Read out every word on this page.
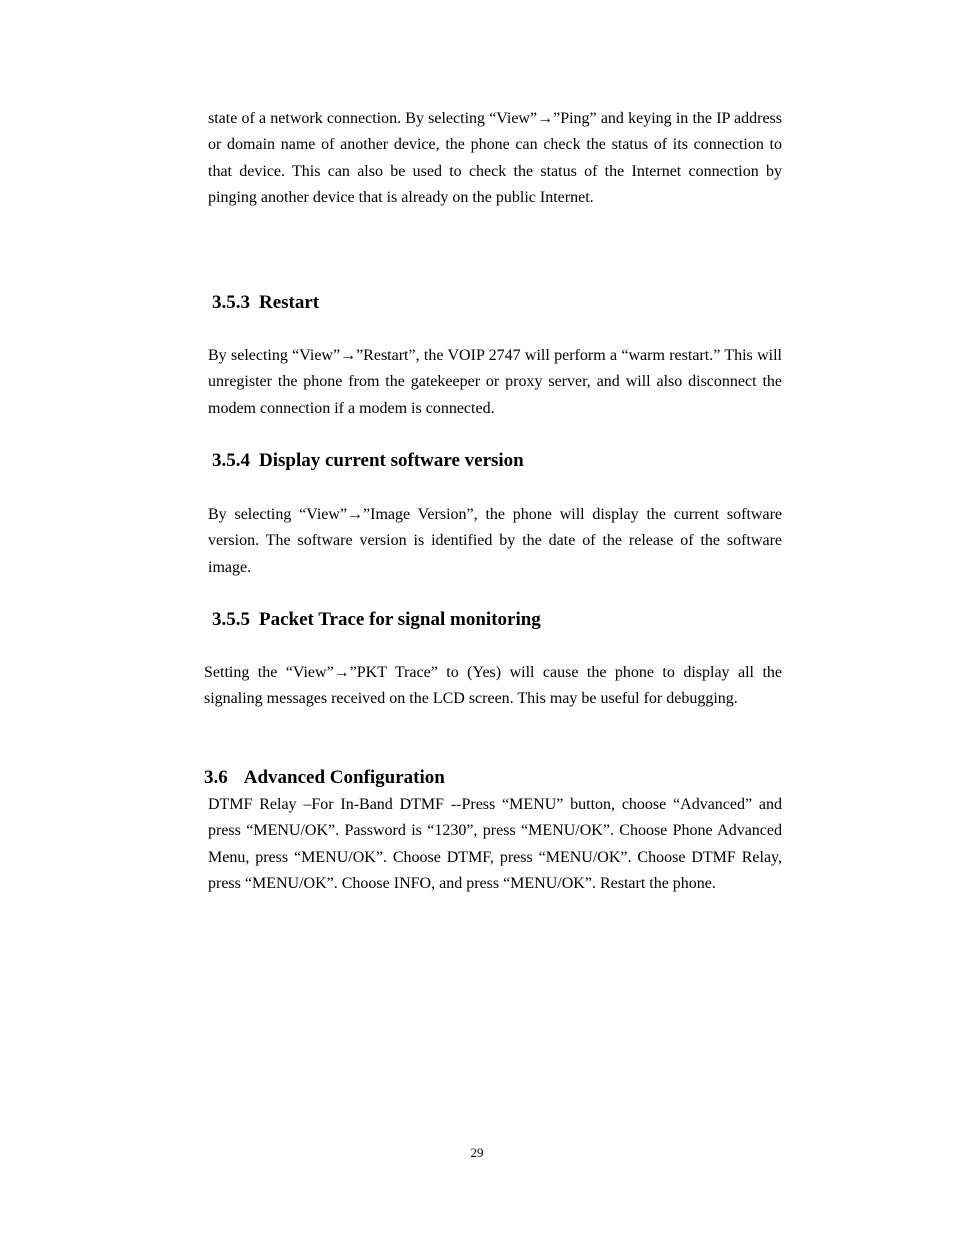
state of a network connection. By selecting “View”→”Ping” and keying in the IP address or domain name of another device, the phone can check the status of its connection to that device. This can also be used to check the status of the Internet connection by pinging another device that is already on the public Internet.

3.5.3 Restart

By selecting “View”→”Restart”, the VOIP 2747 will perform a “warm restart.” This will unregister the phone from the gatekeeper or proxy server, and will also disconnect the modem connection if a modem is connected.

3.5.4 Display current software version

By selecting “View”→”Image Version”, the phone will display the current software version. The software version is identified by the date of the release of the software image.

3.5.5 Packet Trace for signal monitoring

Setting the “View”→”PKT Trace” to (Yes) will cause the phone to display all the signaling messages received on the LCD screen. This may be useful for debugging.

3.6 Advanced Configuration

DTMF Relay –For In-Band DTMF --Press “MENU” button, choose “Advanced” and press “MENU/OK”. Password is “1230”, press “MENU/OK”. Choose Phone Advanced Menu, press “MENU/OK”. Choose DTMF, press “MENU/OK”. Choose DTMF Relay, press “MENU/OK”. Choose INFO, and press “MENU/OK”. Restart the phone.

29
